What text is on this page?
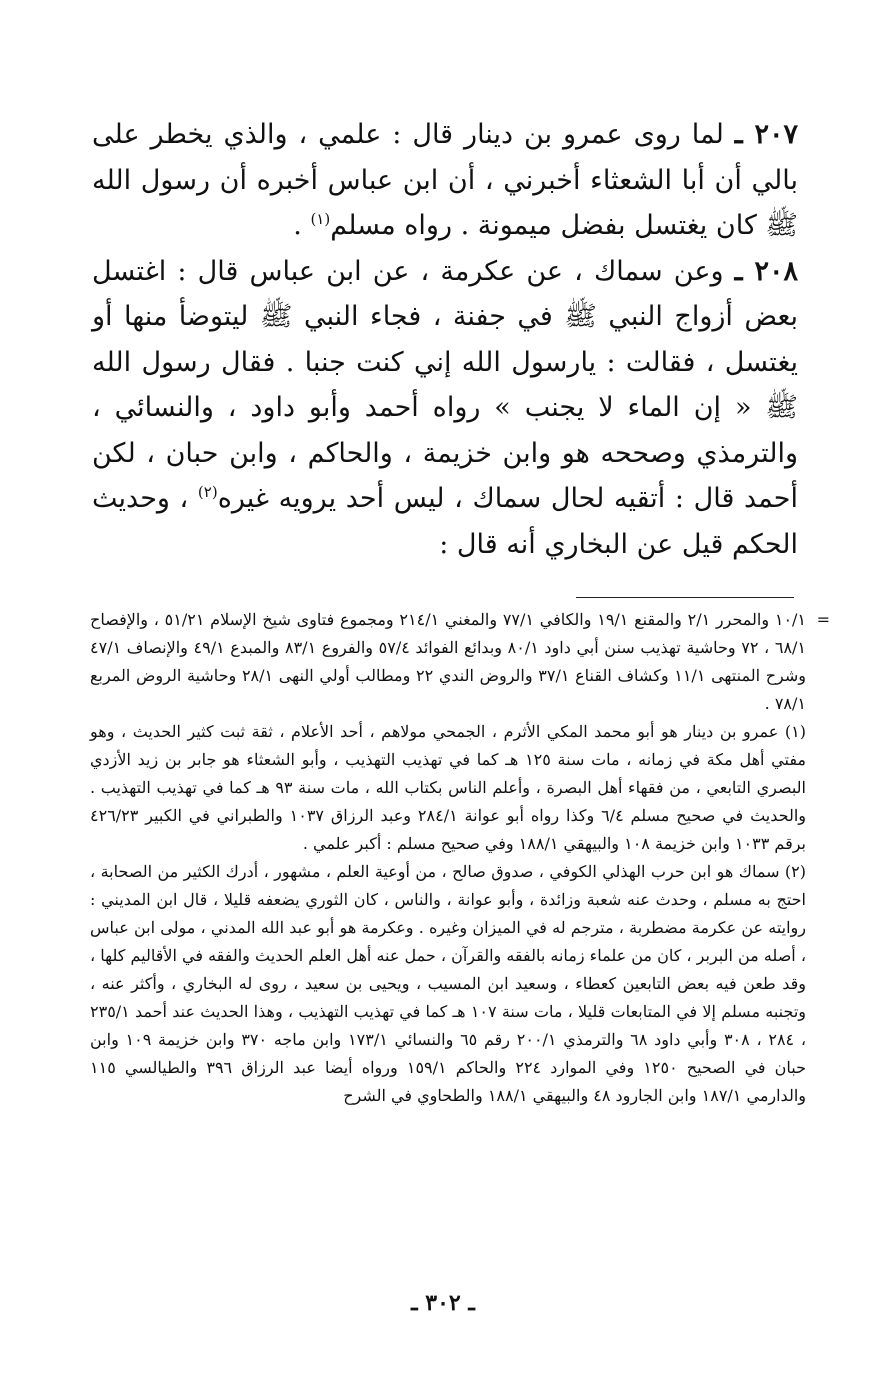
٢٠٧ ـ لما روى عمرو بن دينار قال : علمي ، والذي يخطر على بالي أن أبا الشعثاء أخبرني ، أن ابن عباس أخبره أن رسول الله ﷺ كان يغتسل بفضل ميمونة . رواه مسلم$^{(١)}$ .

٢٠٨ ـ وعن سماك ، عن عكرمة ، عن ابن عباس قال : اغتسل بعض أزواج النبي ﷺ في جفنة ، فجاء النبي ﷺ ليتوضأ منها أو يغتسل ، فقالت : يارسول الله إني كنت جنبا . فقال رسول الله ﷺ « إن الماء لا يجنب » رواه أحمد وأبو داود ، والنسائي ، والترمذي وصححه هو وابن خزيمة ، والحاكم ، وابن حبان ، لكن أحمد قال : أتقيه لحال سماك ، ليس أحد يرويه غيره$^{(٢)}$ ، وحديث الحكم قيل عن البخاري أنه قال :

=
١٠/١ والمحرر ٢/١ والمقنع ١٩/١ والكافي ٧٧/١ والمغني ٢١٤/١ ومجموع فتاوى شيخ الإسلام ٥١/٢١ ، والإفصاح ٦٨/١ ، ٧٢ وحاشية تهذيب سنن أبي داود ٨٠/١ وبدائع الفوائد ٥٧/٤ والفروع ٨٣/١ والمبدع ٤٩/١ والإنصاف ٤٧/١ وشرح المنتهى ١١/١ وكشاف القناع ٣٧/١ والروض الندي ٢٢ ومطالب أولي النهى ٢٨/١ وحاشية الروض المربع ٧٨/١ .

(١) عمرو بن دينار هو أبو محمد المكي الأثرم ، الجمحي مولاهم ، أحد الأعلام ، ثقة ثبت كثير الحديث ، وهو مفتي أهل مكة في زمانه ، مات سنة ١٢٥ هـ كما في تهذيب التهذيب ، وأبو الشعثاء هو جابر بن زيد الأزدي البصري التابعي ، من فقهاء أهل البصرة ، وأعلم الناس بكتاب الله ، مات سنة ٩٣ هـ كما في تهذيب التهذيب . والحديث في صحيح مسلم ٦/٤ وكذا رواه أبو عوانة ٢٨٤/١ وعبد الرزاق ١٠٣٧ والطبراني في الكبير ٤٢٦/٢٣ برقم ١٠٣٣ وابن خزيمة ١٠٨ والبيهقي ١٨٨/١ وفي صحيح مسلم : أكبر علمي .

(٢) سماك هو ابن حرب الهذلي الكوفي ، صدوق صالح ، من أوعية العلم ، مشهور ، أدرك الكثير من الصحابة ، احتج به مسلم ، وحدث عنه شعبة وزائدة ، وأبو عوانة ، والناس ، كان الثوري يضعفه قليلا ، قال ابن المديني : روايته عن عكرمة مضطربة ، مترجم له في الميزان وغيره . وعكرمة هو أبو عبد الله المدني ، مولى ابن عباس ، أصله من البربر ، كان من علماء زمانه بالفقه والقرآن ، حمل عنه أهل العلم الحديث والفقه في الأقاليم كلها ، وقد طعن فيه بعض التابعين كعطاء ، وسعيد ابن المسيب ، ويحيى بن سعيد ، روى له البخاري ، وأكثر عنه ، وتجنبه مسلم إلا في المتابعات قليلا ، مات سنة ١٠٧ هـ كما في تهذيب التهذيب ، وهذا الحديث عند أحمد ٢٣٥/١ ، ٢٨٤ ، ٣٠٨ وأبي داود ٦٨ والترمذي ٢٠٠/١ رقم ٦٥ والنسائي ١٧٣/١ وابن ماجه ٣٧٠ وابن خزيمة ١٠٩ وابن حبان في الصحيح ١٢٥٠ وفي الموارد ٢٢٤ والحاكم ١٥٩/١ ورواه أيضا عبد الرزاق ٣٩٦ والطيالسي ١١٥ والدارمي ١٨٧/١ وابن الجارود ٤٨ والبيهقي ١٨٨/١ والطحاوي في الشرح

ـ ٣٠٢ ـ
